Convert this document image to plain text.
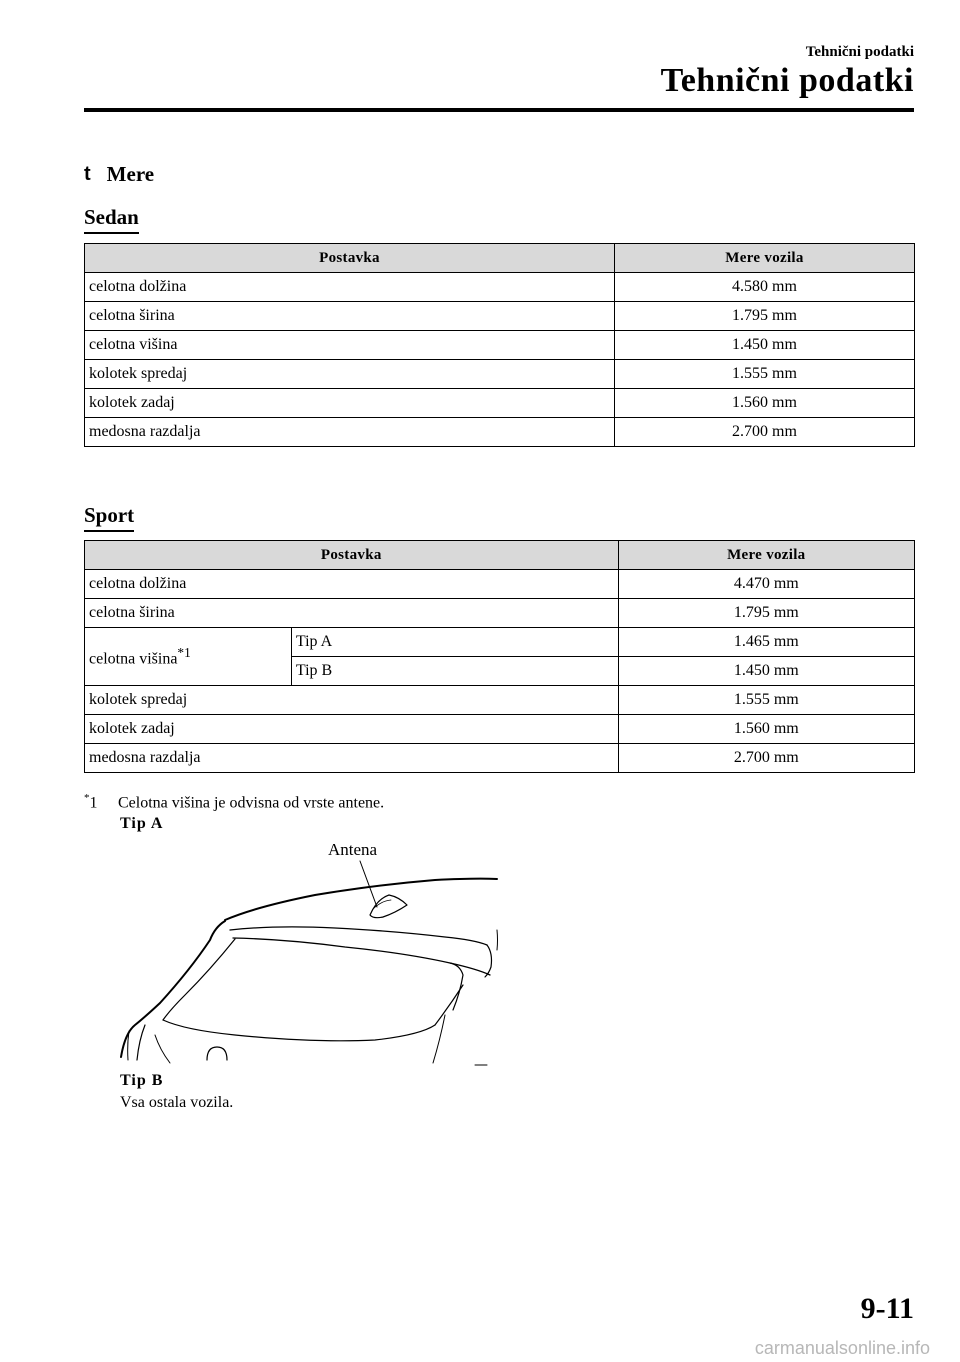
Tehnični podatki
Tehnični podatki
t Mere
Sedan
Postavka	Mere vozila
celotna dolžina	4.580 mm
celotna širina	1.795 mm
celotna višina	1.450 mm
kolotek spredaj	1.555 mm
kolotek zadaj	1.560 mm
medosna razdalja	2.700 mm
Sport
Postavka		Mere vozila
celotna dolžina		4.470 mm
celotna širina		1.795 mm
celotna višina$^{*1}$	Tip A	1.465 mm
	Tip B	1.450 mm
kolotek spredaj		1.555 mm
kolotek zadaj		1.560 mm
medosna razdalja		2.700 mm
*1 Celotna višina je odvisna od vrste antene.
Tip A
Antena
Tip B
Vsa ostala vozila.
9-11
carmanualsonline.info
